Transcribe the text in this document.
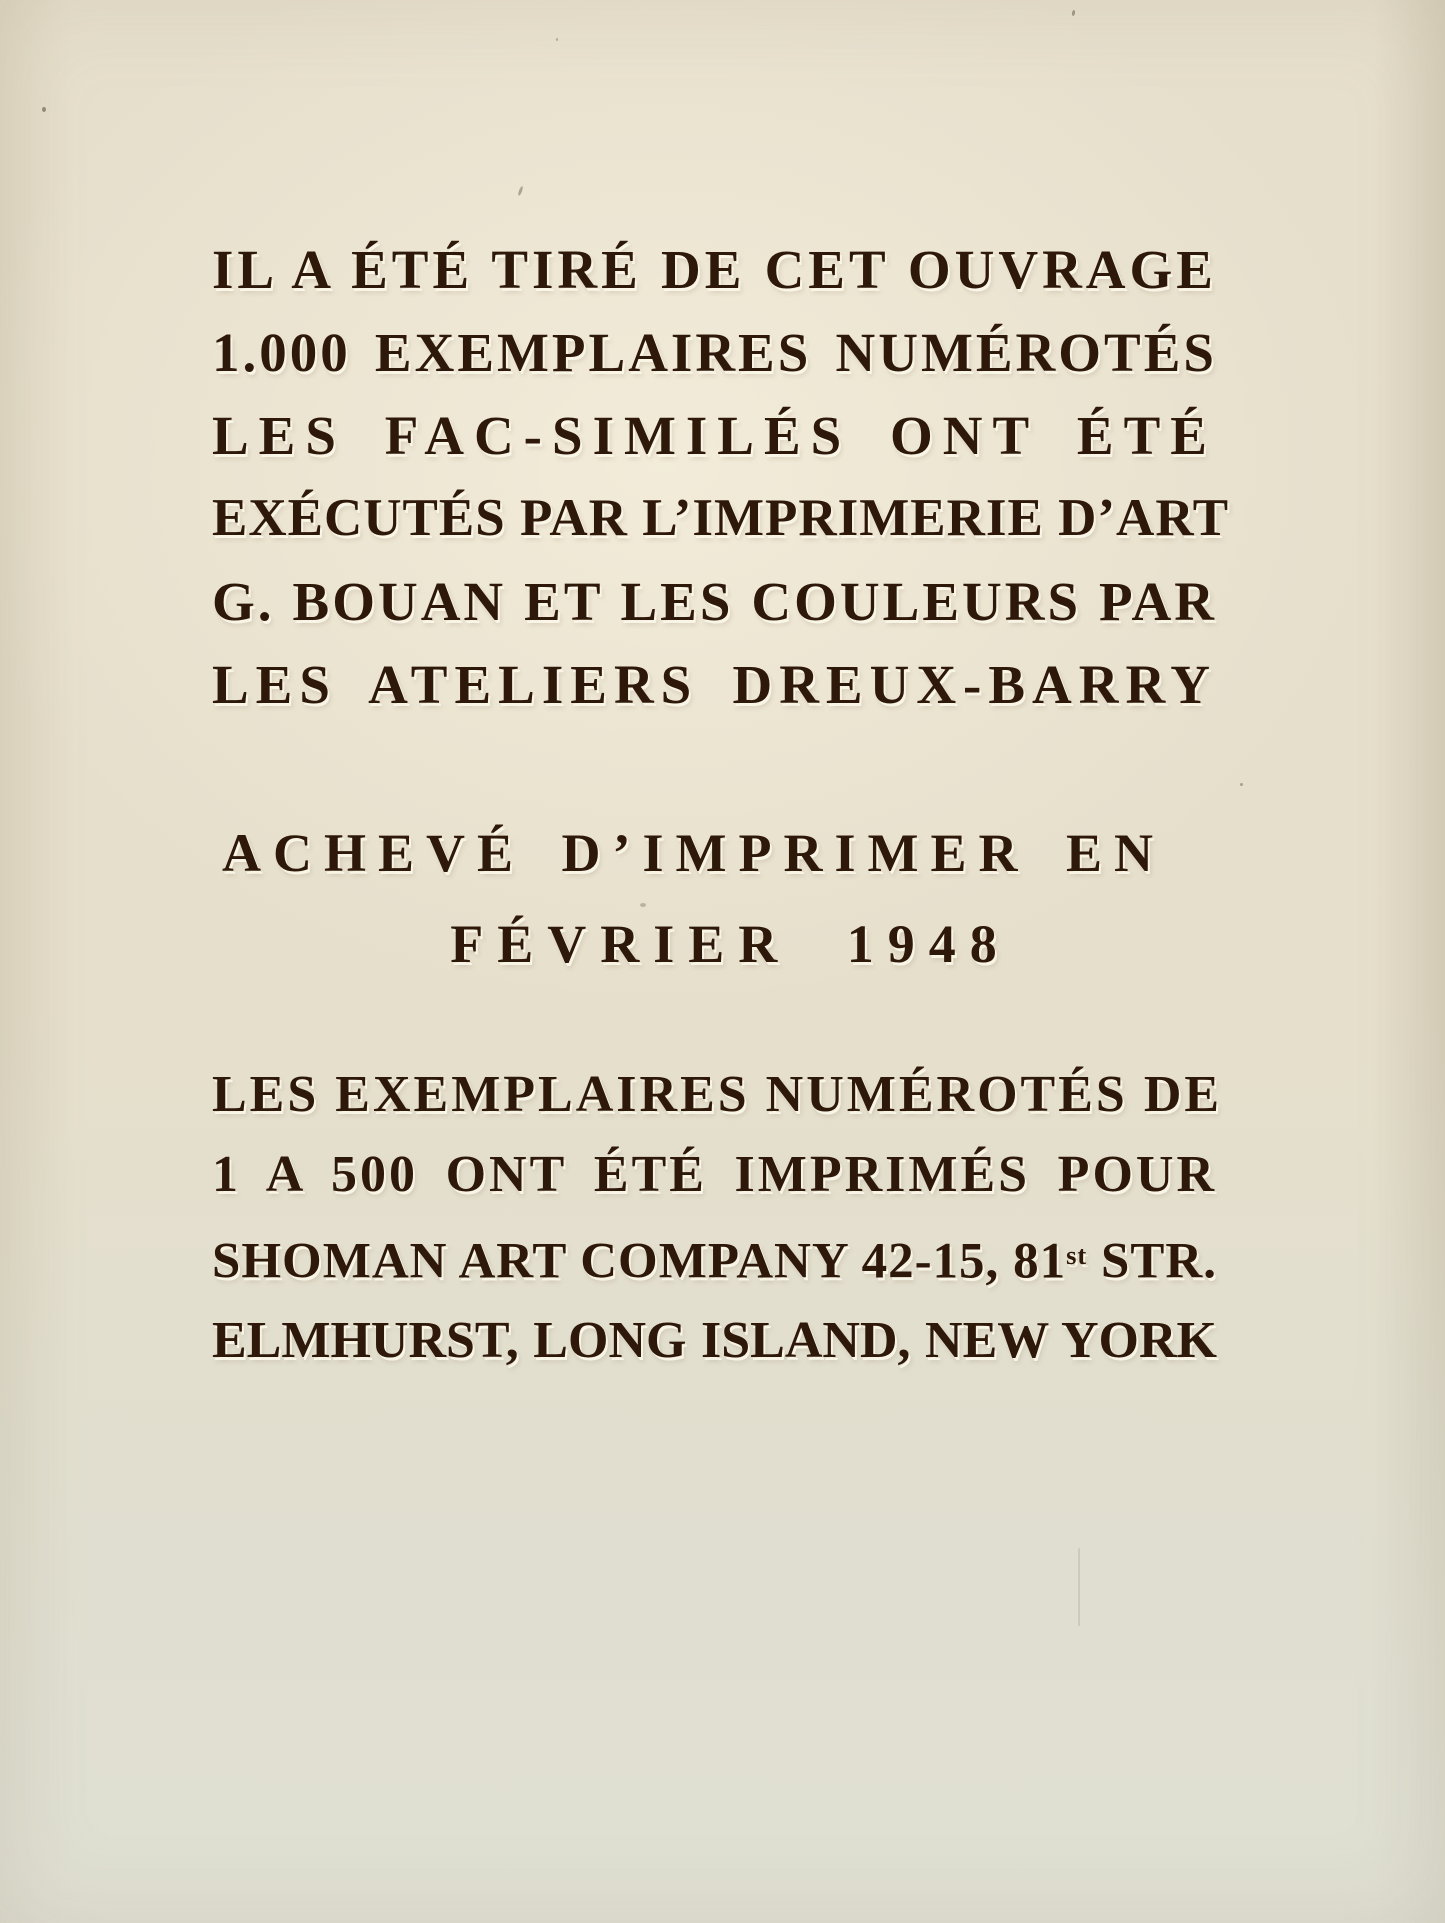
IL A ÉTÉ TIRÉ DE CET OUVRAGE
1.000 EXEMPLAIRES NUMÉROTÉS
LES FAC-SIMILÉS ONT ÉTÉ
EXÉCUTÉS PAR L’IMPRIMERIE D’ART
G. BOUAN ET LES COULEURS PAR
LES ATELIERS DREUX-BARRY
ACHEVÉ D’IMPRIMER EN
FÉVRIER 1948
LES EXEMPLAIRES NUMÉROTÉS DE
1 A 500 ONT ÉTÉ IMPRIMÉS POUR
SHOMAN ART COMPANY 42-15, 81st STR.
ELMHURST, LONG ISLAND, NEW YORK
